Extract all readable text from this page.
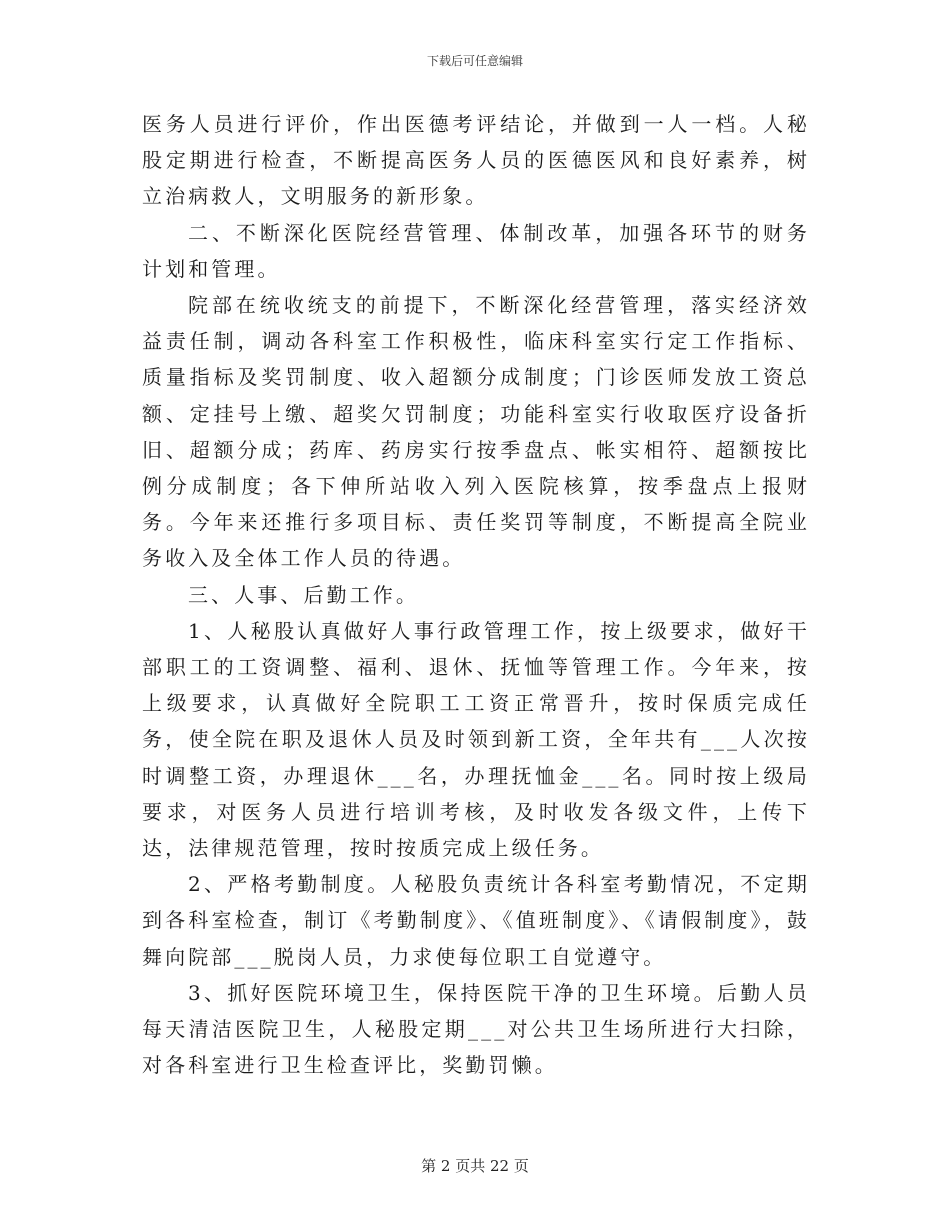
下载后可任意编辑

医务人员进行评价，作出医德考评结论，并做到一人一档。人秘股定期进行检查，不断提高医务人员的医德医风和良好素养，树立治病救人，文明服务的新形象。

二、不断深化医院经营管理、体制改革，加强各环节的财务计划和管理。

院部在统收统支的前提下，不断深化经营管理，落实经济效益责任制，调动各科室工作积极性，临床科室实行定工作指标、质量指标及奖罚制度、收入超额分成制度；门诊医师发放工资总额、定挂号上缴、超奖欠罚制度；功能科室实行收取医疗设备折旧、超额分成；药库、药房实行按季盘点、帐实相符、超额按比例分成制度；各下伸所站收入列入医院核算，按季盘点上报财务。今年来还推行多项目标、责任奖罚等制度，不断提高全院业务收入及全体工作人员的待遇。

三、人事、后勤工作。

1、人秘股认真做好人事行政管理工作，按上级要求，做好干部职工的工资调整、福利、退休、抚恤等管理工作。今年来，按上级要求，认真做好全院职工工资正常晋升，按时保质完成任务，使全院在职及退休人员及时领到新工资，全年共有___人次按时调整工资，办理退休___名，办理抚恤金___名。同时按上级局要求，对医务人员进行培训考核，及时收发各级文件，上传下达，法律规范管理，按时按质完成上级任务。

2、严格考勤制度。人秘股负责统计各科室考勤情况，不定期到各科室检查，制订《考勤制度》、《值班制度》、《请假制度》，鼓舞向院部___脱岗人员，力求使每位职工自觉遵守。

3、抓好医院环境卫生，保持医院干净的卫生环境。后勤人员每天清洁医院卫生，人秘股定期___对公共卫生场所进行大扫除，对各科室进行卫生检查评比，奖勤罚懒。

第 2 页共 22 页
